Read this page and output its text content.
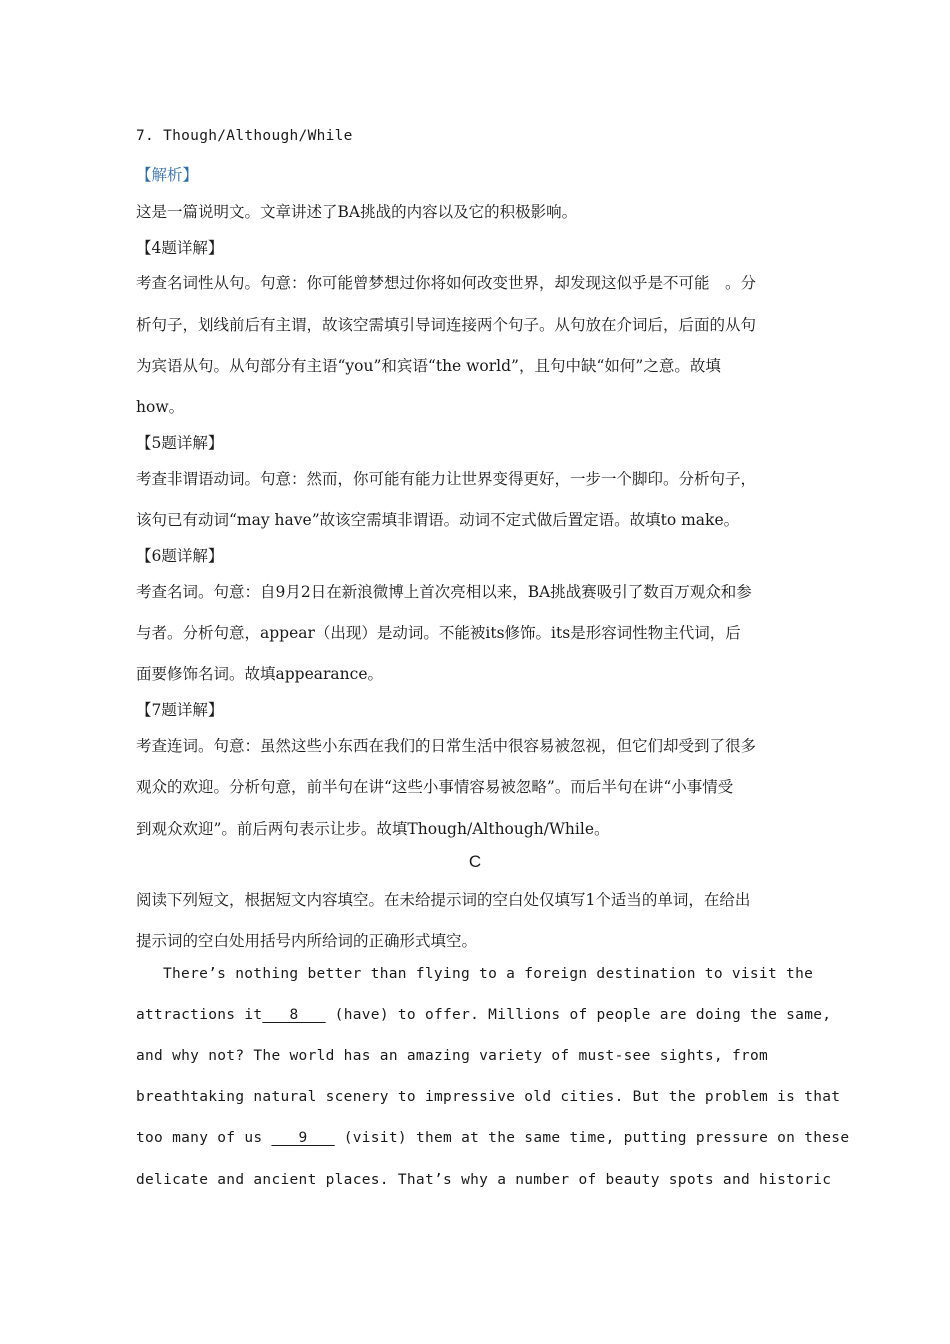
7. Though/Although/While
【解析】
这是一篇说明文。文章讲述了BA挑战的内容以及它的积极影响。
【4题详解】
考查名词性从句。句意：你可能曾梦想过你将如何改变世界，却发现这似乎是不可能　。分
析句子，划线前后有主谓，故该空需填引导词连接两个句子。从句放在介词后，后面的从句
为宾语从句。从句部分有主语“you”和宾语“the world”，且句中缺“如何”之意。故填
how。
【5题详解】
考查非谓语动词。句意：然而，你可能有能力让世界变得更好，一步一个脚印。分析句子，
该句已有动词“may have”故该空需填非谓语。动词不定式做后置定语。故填to make。
【6题详解】
考查名词。句意：自9月2日在新浪微博上首次亮相以来，BA挑战赛吸引了数百万观众和参
与者。分析句意，appear（出现）是动词。不能被its修饰。its是形容词性物主代词，后
面要修饰名词。故填appearance。
【7题详解】
考查连词。句意：虽然这些小东西在我们的日常生活中很容易被忽视，但它们却受到了很多
观众的欢迎。分析句意，前半句在讲“这些小事情容易被忽略”。而后半句在讲“小事情受
到观众欢迎”。前后两句表示让步。故填Though/Although/While。
C
阅读下列短文，根据短文内容填空。在未给提示词的空白处仅填写1个适当的单词，在给出
提示词的空白处用括号内所给词的正确形式填空。
There’s nothing better than flying to a foreign destination to visit the
attractions it___8___ (have) to offer. Millions of people are doing the same,
and why not? The world has an amazing variety of must-see sights, from
breathtaking natural scenery to impressive old cities. But the problem is that
too many of us ___9___ (visit) them at the same time, putting pressure on these
delicate and ancient places. That’s why a number of beauty spots and historic
